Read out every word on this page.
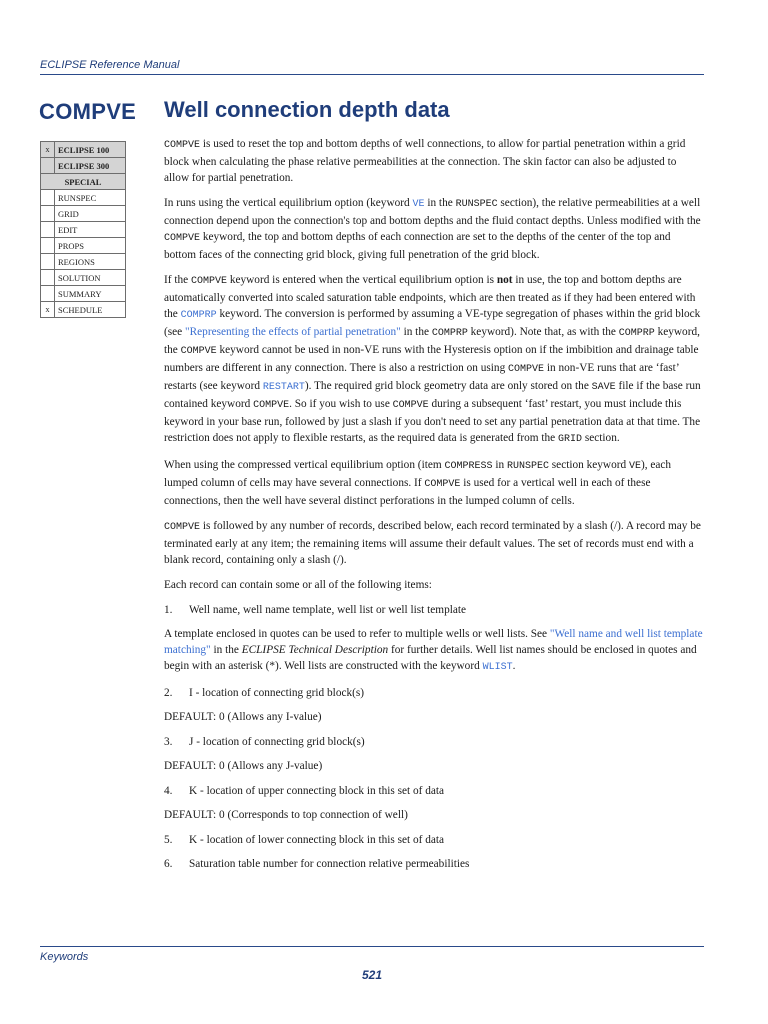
ECLIPSE Reference Manual
COMPVE Well connection depth data
x	ECLIPSE 100
	ECLIPSE 300
SPECIAL	
	RUNSPEC
	GRID
	EDIT
	PROPS
	REGIONS
	SOLUTION
	SUMMARY
x	SCHEDULE

COMPVE is used to reset the top and bottom depths of well connections, to allow for partial penetration within a grid block when calculating the phase relative permeabilities at the connection. The skin factor can also be adjusted to allow for partial penetration.

In runs using the vertical equilibrium option (keyword VE in the RUNSPEC section), the relative permeabilities at a well connection depend upon the connection's top and bottom depths and the fluid contact depths. Unless modified with the COMPVE keyword, the top and bottom depths of each connection are set to the depths of the center of the top and bottom faces of the connecting grid block, giving full penetration of the grid block.

If the COMPVE keyword is entered when the vertical equilibrium option is not in use, the top and bottom depths are automatically converted into scaled saturation table endpoints, which are then treated as if they had been entered with the COMPRP keyword. The conversion is performed by assuming a VE-type segregation of phases within the grid block (see "Representing the effects of partial penetration" in the COMPRP keyword). Note that, as with the COMPRP keyword, the COMPVE keyword cannot be used in non-VE runs with the Hysteresis option on if the imbibition and drainage table numbers are different in any connection. There is also a restriction on using COMPVE in non-VE runs that are ‘fast’ restarts (see keyword RESTART). The required grid block geometry data are only stored on the SAVE file if the base run contained keyword COMPVE. So if you wish to use COMPVE during a subsequent ‘fast’ restart, you must include this keyword in your base run, followed by just a slash if you don't need to set any partial penetration data at that time. The restriction does not apply to flexible restarts, as the required data is generated from the GRID section.

When using the compressed vertical equilibrium option (item COMPRESS in RUNSPEC section keyword VE), each lumped column of cells may have several connections. If COMPVE is used for a vertical well in each of these connections, then the well have several distinct perforations in the lumped column of cells.

COMPVE is followed by any number of records, described below, each record terminated by a slash (/). A record may be terminated early at any item; the remaining items will assume their default values. The set of records must end with a blank record, containing only a slash (/).

Each record can contain some or all of the following items:

1. Well name, well name template, well list or well list template

A template enclosed in quotes can be used to refer to multiple wells or well lists. See "Well name and well list template matching" in the ECLIPSE Technical Description for further details. Well list names should be enclosed in quotes and begin with an asterisk (*). Well lists are constructed with the keyword WLIST.

2. I - location of connecting grid block(s)

DEFAULT: 0 (Allows any I-value)

3. J - location of connecting grid block(s)

DEFAULT: 0 (Allows any J-value)

4. K - location of upper connecting block in this set of data

DEFAULT: 0 (Corresponds to top connection of well)

5. K - location of lower connecting block in this set of data
6. Saturation table number for connection relative permeabilities
Keywords
521
